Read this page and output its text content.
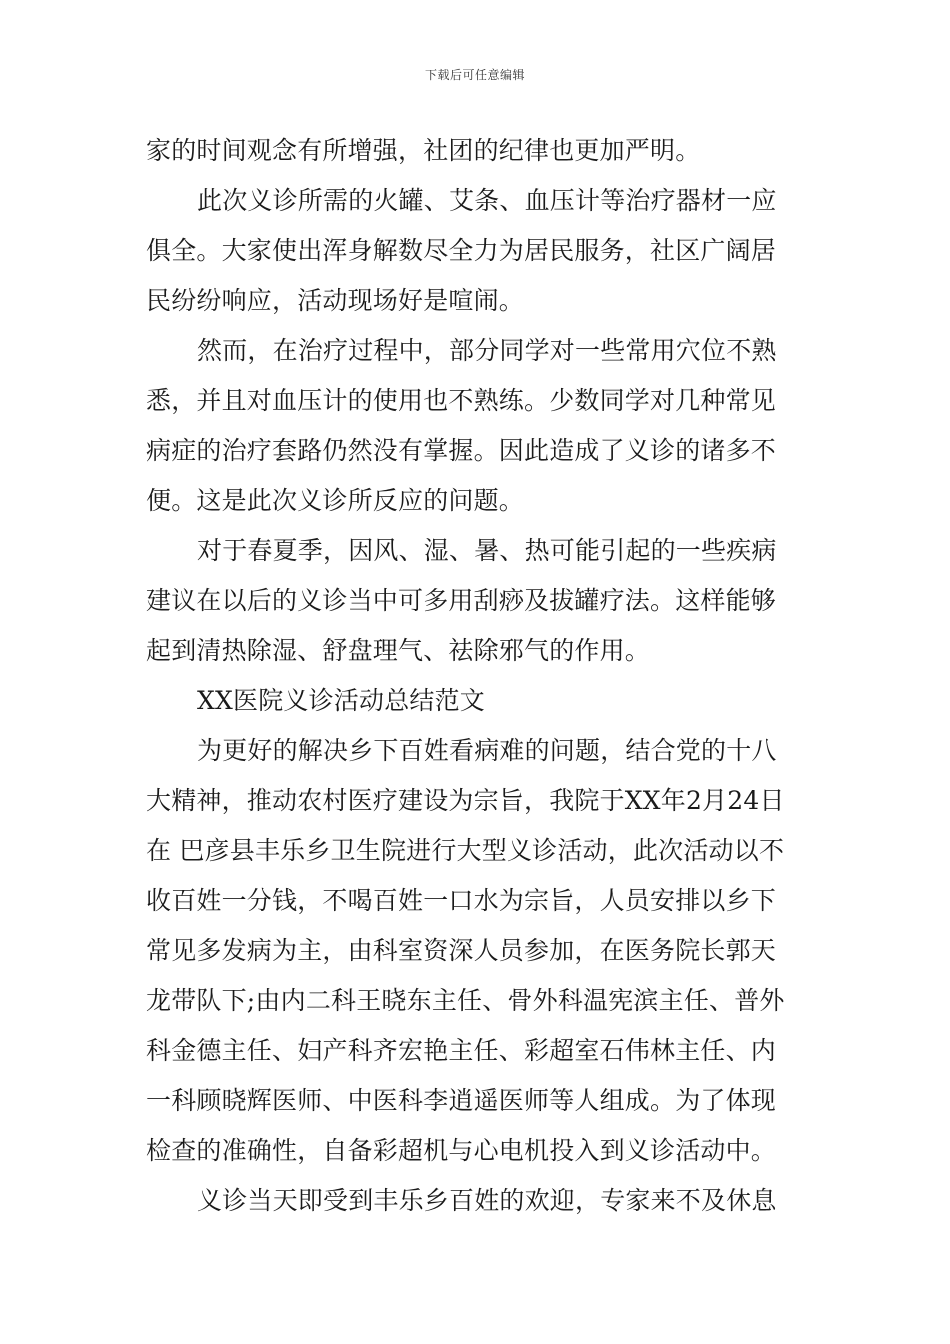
下载后可任意编辑
家的时间观念有所增强，社团的纪律也更加严明。
此次义诊所需的火罐、艾条、血压计等治疗器材一应
俱全。大家使出浑身解数尽全力为居民服务，社区广阔居
民纷纷响应，活动现场好是喧闹。
然而，在治疗过程中，部分同学对一些常用穴位不熟
悉，并且对血压计的使用也不熟练。少数同学对几种常见
病症的治疗套路仍然没有掌握。因此造成了义诊的诸多不
便。这是此次义诊所反应的问题。
对于春夏季，因风、湿、暑、热可能引起的一些疾病
建议在以后的义诊当中可多用刮痧及拔罐疗法。这样能够
起到清热除湿、舒盘理气、祛除邪气的作用。
XX医院义诊活动总结范文
为更好的解决乡下百姓看病难的问题，结合党的十八
大精神，推动农村医疗建设为宗旨，我院于XX年2月24日
在 巴彦县丰乐乡卫生院进行大型义诊活动，此次活动以不
收百姓一分钱，不喝百姓一口水为宗旨，人员安排以乡下
常见多发病为主，由科室资深人员参加，在医务院长郭天
龙带队下;由内二科王晓东主任、骨外科温宪滨主任、普外
科金德主任、妇产科齐宏艳主任、彩超室石伟林主任、内
一科顾晓辉医师、中医科李逍遥医师等人组成。为了体现
检查的准确性，自备彩超机与心电机投入到义诊活动中。
义诊当天即受到丰乐乡百姓的欢迎，专家来不及休息
